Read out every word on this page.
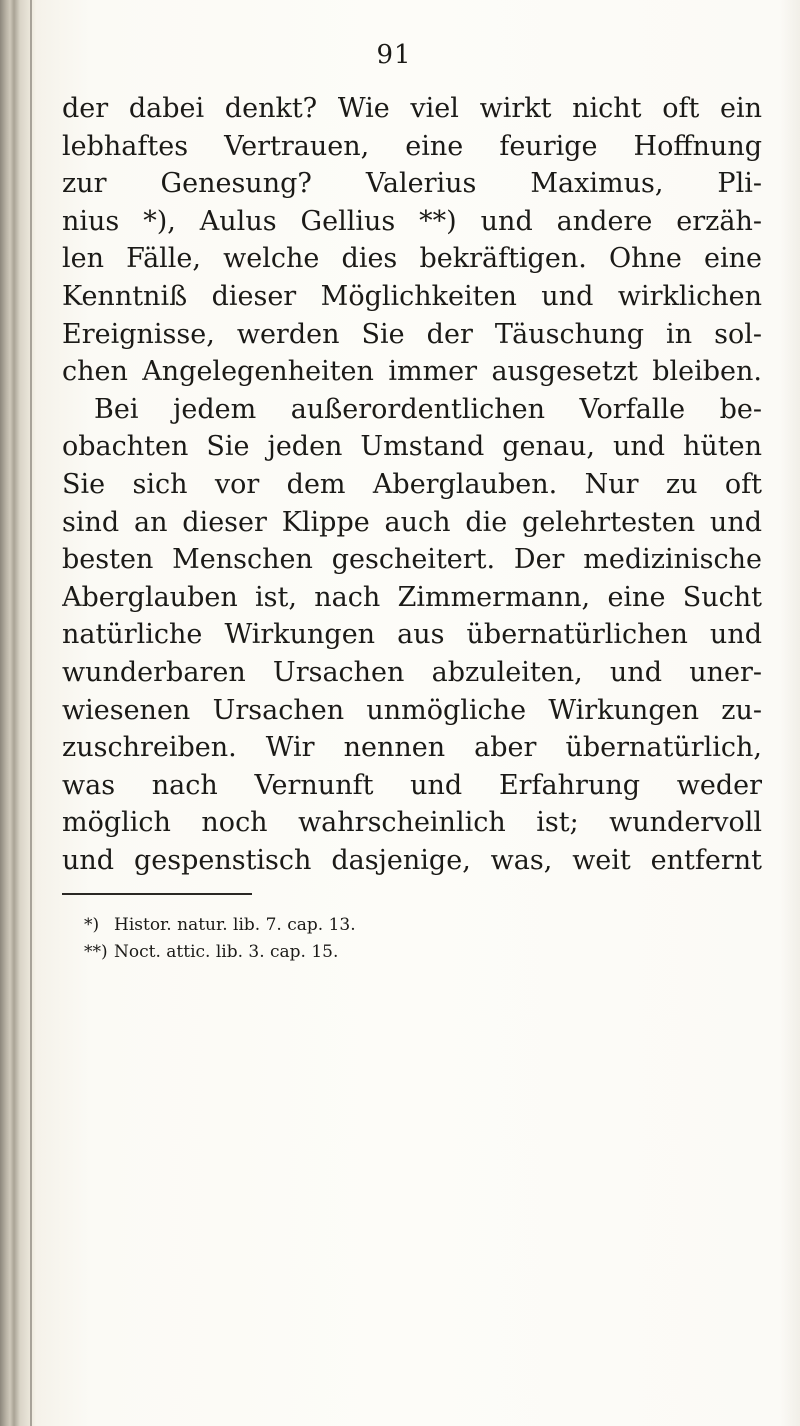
91
der dabei denkt? Wie viel wirkt nicht oft ein
lebhaftes Vertrauen, eine feurige Hoffnung
zur Genesung? Valerius Maximus, Pli-
nius *), Aulus Gellius **) und andere erzäh-
len Fälle, welche dies bekräftigen. Ohne eine
Kenntniß dieser Möglichkeiten und wirklichen
Ereignisse, werden Sie der Täuschung in sol-
chen Angelegenheiten immer ausgesetzt bleiben.
Bei jedem außerordentlichen Vorfalle be-
obachten Sie jeden Umstand genau, und hüten
Sie sich vor dem Aberglauben. Nur zu oft
sind an dieser Klippe auch die gelehrtesten und
besten Menschen gescheitert. Der medizinische
Aberglauben ist, nach Zimmermann, eine Sucht
natürliche Wirkungen aus übernatürlichen und
wunderbaren Ursachen abzuleiten, und uner-
wiesenen Ursachen unmögliche Wirkungen zu-
zuschreiben. Wir nennen aber übernatürlich,
was nach Vernunft und Erfahrung weder
möglich noch wahrscheinlich ist; wundervoll
und gespenstisch dasjenige, was, weit entfernt
*) Histor. natur. lib. 7. cap. 13.
**) Noct. attic. lib. 3. cap. 15.
